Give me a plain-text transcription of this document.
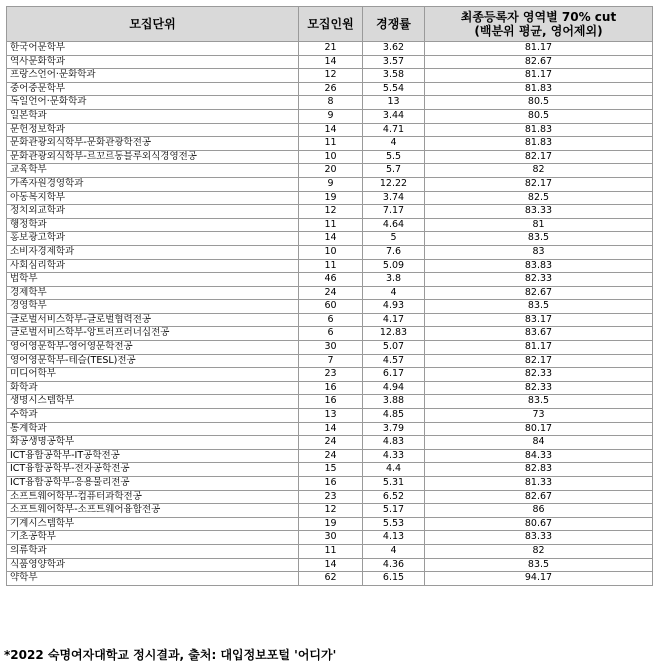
모집단위	모집인원	경쟁률	최종등록자 영역별 70% cut
(백분위 평균, 영어제외)

한국어문학부	21	3.62	81.17
역사문화학과	14	3.57	82.67
프랑스언어·문화학과	12	3.58	81.17
중어중문학부	26	5.54	81.83
독일언어·문화학과	8	13	80.5
일본학과	9	3.44	80.5
문헌정보학과	14	4.71	81.83
문화관광외식학부-문화관광학전공	11	4	81.83
문화관광외식학부-르꼬르동블루외식경영전공	10	5.5	82.17
교육학부	20	5.7	82
가족자원경영학과	9	12.22	82.17
아동복지학부	19	3.74	82.5
정치외교학과	12	7.17	83.33
행정학과	11	4.64	81
홍보광고학과	14	5	83.5
소비자경제학과	10	7.6	83
사회심리학과	11	5.09	83.83
법학부	46	3.8	82.33
경제학부	24	4	82.67
경영학부	60	4.93	83.5
글로벌서비스학부-글로벌협력전공	6	4.17	83.17
글로벌서비스학부-앙트러프러너십전공	6	12.83	83.67
영어영문학부-영어영문학전공	30	5.07	81.17
영어영문학부-테슬(TESL)전공	7	4.57	82.17
미디어학부	23	6.17	82.33
화학과	16	4.94	82.33
생명시스템학부	16	3.88	83.5
수학과	13	4.85	73
통계학과	14	3.79	80.17
화공생명공학부	24	4.83	84
ICT융합공학부-IT공학전공	24	4.33	84.33
ICT융합공학부-전자공학전공	15	4.4	82.83
ICT융합공학부-응용물리전공	16	5.31	81.33
소프트웨어학부-컴퓨터과학전공	23	6.52	82.67
소프트웨어학부-소프트웨어융합전공	12	5.17	86
기계시스템학부	19	5.53	80.67
기초공학부	30	4.13	83.33
의류학과	11	4	82
식품영양학과	14	4.36	83.5
약학부	62	6.15	94.17
*2022 숙명여자대학교 정시결과, 출처: 대입정보포털 '어디가'
